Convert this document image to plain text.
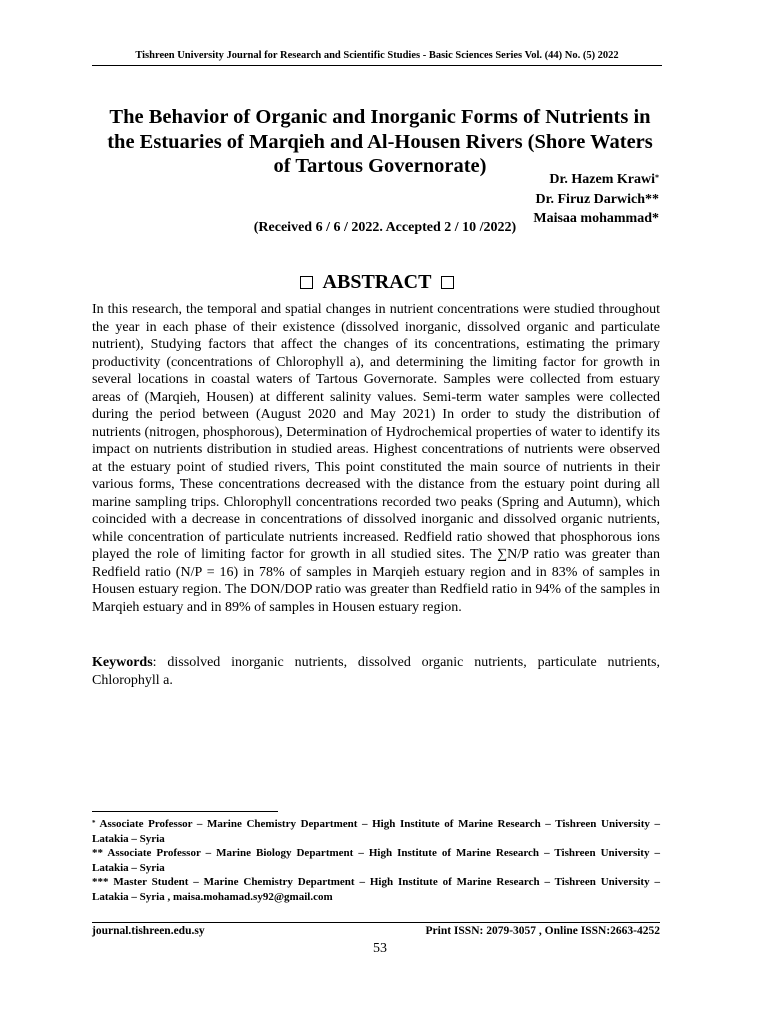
Tishreen University Journal for Research and Scientific Studies - Basic Sciences Series Vol. (44) No. (5) 2022
The Behavior of Organic and Inorganic Forms of Nutrients in
the Estuaries of Marqieh and Al-Housen Rivers (Shore Waters
of Tartous Governorate)
Dr. Hazem Krawi*
Dr. Firuz Darwich**
Maisaa mohammad*
(Received 6 / 6 / 2022. Accepted 2 / 10 /2022)
ABSTRACT

In this research, the temporal and spatial changes in nutrient concentrations were studied throughout the year in each phase of their existence (dissolved inorganic, dissolved organic and particulate nutrient), Studying factors that affect the changes of its concentrations, estimating the primary productivity (concentrations of Chlorophyll a), and determining the limiting factor for growth in several locations in coastal waters of Tartous Governorate. Samples were collected from estuary areas of (Marqieh, Housen) at different salinity values. Semi-term water samples were collected during the period between (August 2020 and May 2021) In order to study the distribution of nutrients (nitrogen, phosphorous), Determination of Hydrochemical properties of water to identify its impact on nutrients distribution in studied areas. Highest concentrations of nutrients were observed at the estuary point of studied rivers, This point constituted the main source of nutrients in their various forms, These concentrations decreased with the distance from the estuary point during all marine sampling trips. Chlorophyll concentrations recorded two peaks (Spring and Autumn), which coincided with a decrease in concentrations of dissolved inorganic and dissolved organic nutrients, while concentration of particulate nutrients increased. Redfield ratio showed that phosphorous ions played the role of limiting factor for growth in all studied sites. The ∑N/P ratio was greater than Redfield ratio (N/P = 16) in 78% of samples in Marqieh estuary region and in 83% of samples in Housen estuary region. The DON/DOP ratio was greater than Redfield ratio in 94% of the samples in Marqieh estuary and in 89% of samples in Housen estuary region.

Keywords: dissolved inorganic nutrients, dissolved organic nutrients, particulate nutrients, Chlorophyll a.

* Associate Professor – Marine Chemistry Department – High Institute of Marine Research – Tishreen University – Latakia – Syria

** Associate Professor – Marine Biology Department – High Institute of Marine Research – Tishreen University – Latakia – Syria

*** Master Student – Marine Chemistry Department – High Institute of Marine Research – Tishreen University – Latakia – Syria , maisa.mohamad.sy92@gmail.com

journal.tishreen.edu.sy	Print ISSN: 2079-3057 , Online ISSN:2663-4252
53
